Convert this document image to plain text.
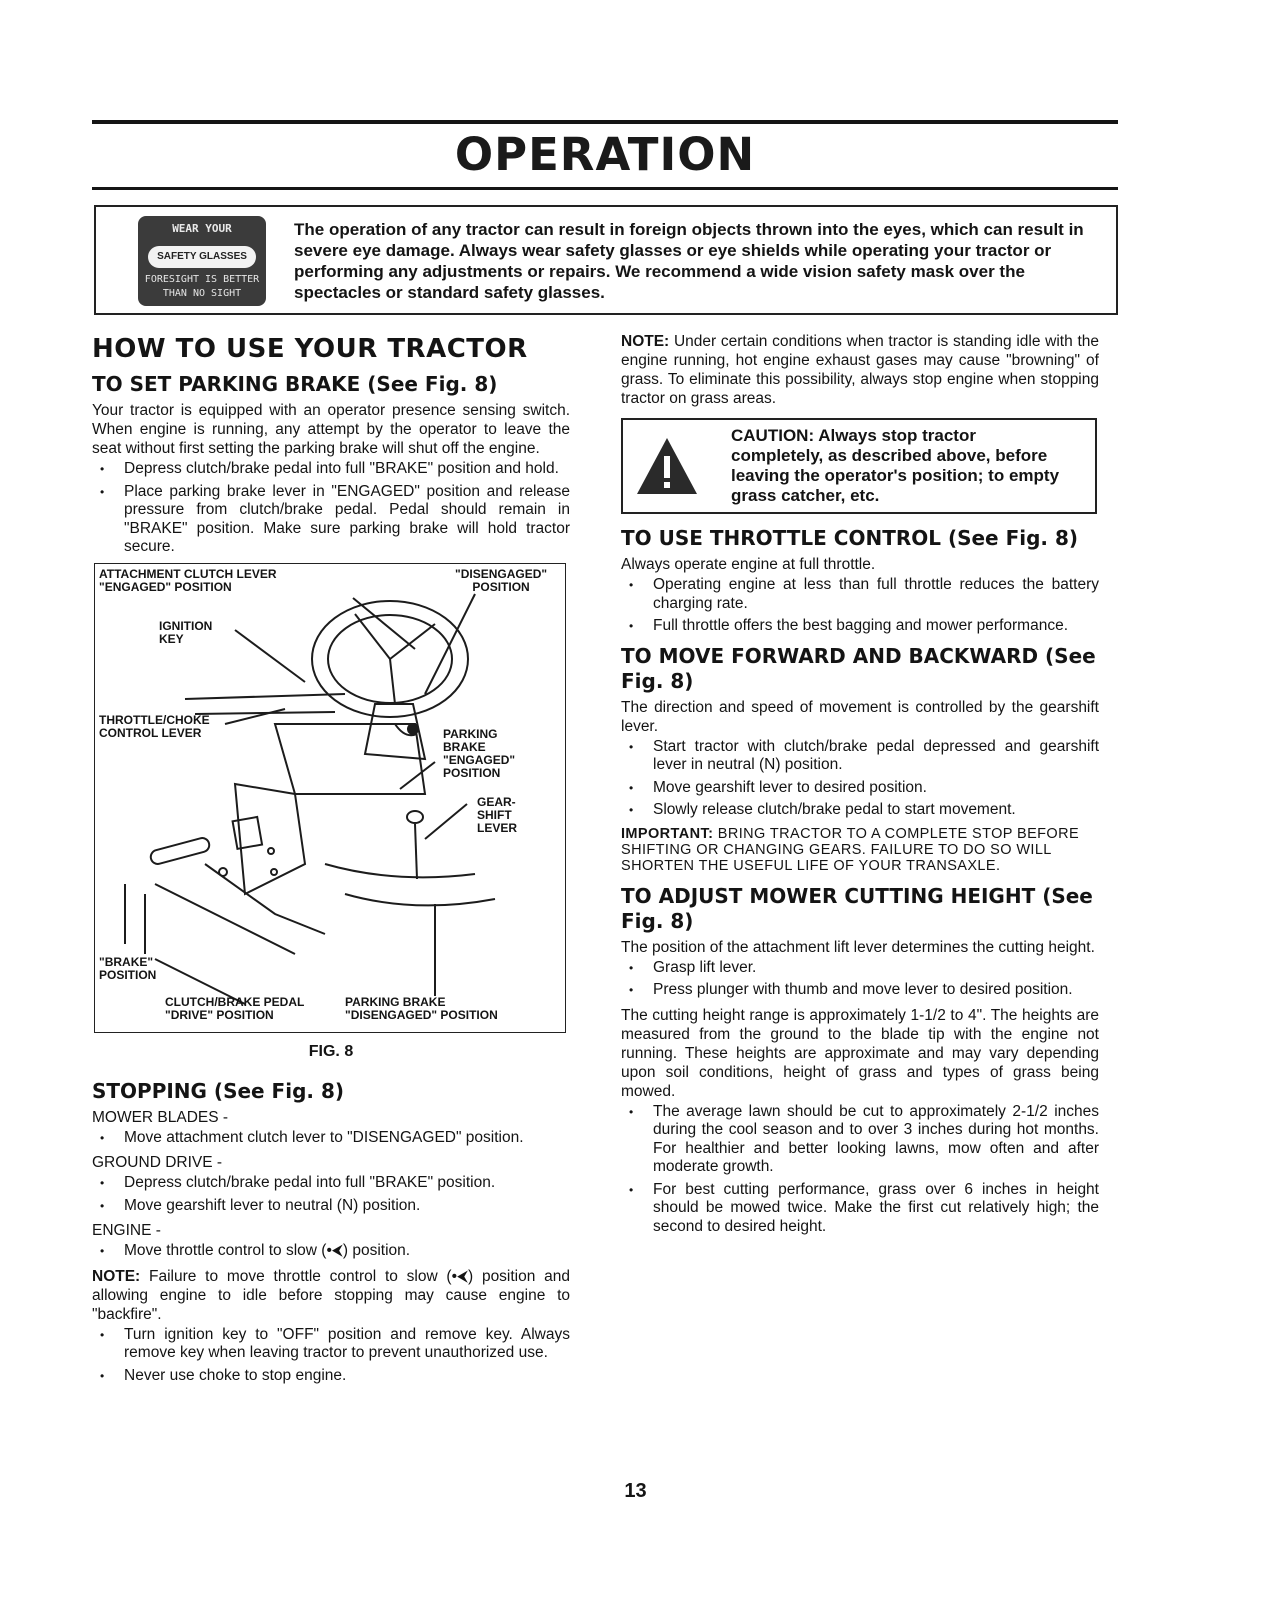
OPERATION
WEAR YOUR
SAFETY GLASSES
FORESIGHT IS BETTER
THAN NO SIGHT

The operation of any tractor can result in foreign objects thrown into the eyes, which can result in severe eye damage. Always wear safety glasses or eye shields while operating your tractor or performing any adjustments or repairs. We recommend a wide vision safety mask over the spectacles or standard safety glasses.

HOW TO USE YOUR TRACTOR
TO SET PARKING BRAKE (See Fig. 8)

Your tractor is equipped with an operator presence sensing switch. When engine is running, any attempt by the operator to leave the seat without first setting the parking brake will shut off the engine.

• Depress clutch/brake pedal into full "BRAKE" position and hold.
• Place parking brake lever in "ENGAGED" position and release pressure from clutch/brake pedal. Pedal should remain in "BRAKE" position. Make sure parking brake will hold tractor secure.
ATTACHMENT CLUTCH LEVER
"ENGAGED" POSITION
"DISENGAGED"
POSITION
IGNITION
KEY
THROTTLE/CHOKE
CONTROL LEVER	PARKING
BRAKE
"ENGAGED"
POSITION
GEAR-
SHIFT
LEVER
"BRAKE"
POSITION
CLUTCH/BRAKE PEDAL
"DRIVE" POSITION
PARKING BRAKE
"DISENGAGED" POSITION
FIG. 8
STOPPING (See Fig. 8)
MOWER BLADES -
• Move attachment clutch lever to "DISENGAGED" position.
GROUND DRIVE -
• Depress clutch/brake pedal into full "BRAKE" position.
• Move gearshift lever to neutral (N) position.
ENGINE -
• Move throttle control to slow (•⮜) position.

NOTE: Failure to move throttle control to slow (•⮜) position and allowing engine to idle before stopping may cause engine to "backfire".

• Turn ignition key to "OFF" position and remove key. Always remove key when leaving tractor to prevent unauthorized use.
• Never use choke to stop engine.

NOTE: Under certain conditions when tractor is standing idle with the engine running, hot engine exhaust gases may cause "browning" of grass. To eliminate this possibility, always stop engine when stopping tractor on grass areas.

CAUTION: Always stop tractor completely, as described above, before leaving the operator's position; to empty grass catcher, etc.

TO USE THROTTLE CONTROL (See Fig. 8)

Always operate engine at full throttle.

• Operating engine at less than full throttle reduces the battery charging rate.
• Full throttle offers the best bagging and mower performance.
TO MOVE FORWARD AND BACKWARD (See Fig. 8)

The direction and speed of movement is controlled by the gearshift lever.

• Start tractor with clutch/brake pedal depressed and gearshift lever in neutral (N) position.
• Move gearshift lever to desired position.
• Slowly release clutch/brake pedal to start movement.

IMPORTANT: BRING TRACTOR TO A COMPLETE STOP BEFORE SHIFTING OR CHANGING GEARS. FAILURE TO DO SO WILL SHORTEN THE USEFUL LIFE OF YOUR TRANSAXLE.

TO ADJUST MOWER CUTTING HEIGHT (See Fig. 8)

The position of the attachment lift lever determines the cutting height.

• Grasp lift lever.
• Press plunger with thumb and move lever to desired position.

The cutting height range is approximately 1-1/2 to 4". The heights are measured from the ground to the blade tip with the engine not running. These heights are approximate and may vary depending upon soil conditions, height of grass and types of grass being mowed.

• The average lawn should be cut to approximately 2-1/2 inches during the cool season and to over 3 inches during hot months. For healthier and better looking lawns, mow often and after moderate growth.
• For best cutting performance, grass over 6 inches in height should be mowed twice. Make the first cut relatively high; the second to desired height.
13
